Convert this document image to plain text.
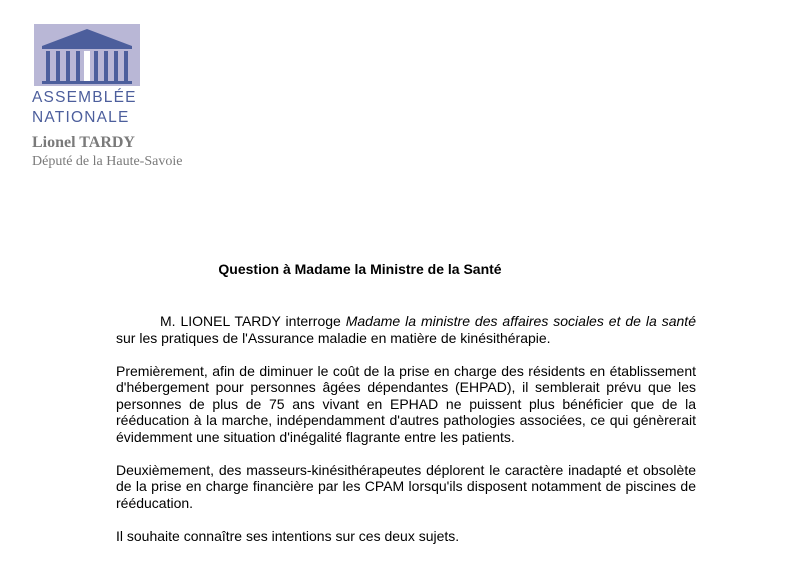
ASSEMBLÉE
NATIONALE
Lionel TARDY
Député de la Haute-Savoie
Question à Madame la Ministre de la Santé

M. LIONEL TARDY interroge Madame la ministre des affaires sociales et de la santé sur les pratiques de l'Assurance maladie en matière de kinésithérapie.

Premièrement, afin de diminuer le coût de la prise en charge des résidents en établissement d'hébergement pour personnes âgées dépendantes (EHPAD), il semblerait prévu que les personnes de plus de 75 ans vivant en EPHAD ne puissent plus bénéficier que de la rééducation à la marche, indépendamment d'autres pathologies associées, ce qui génèrerait évidemment une situation d'inégalité flagrante entre les patients.

Deuxièmement, des masseurs-kinésithérapeutes déplorent le caractère inadapté et obsolète de la prise en charge financière par les CPAM lorsqu'ils disposent notamment de piscines de rééducation.

Il souhaite connaître ses intentions sur ces deux sujets.
